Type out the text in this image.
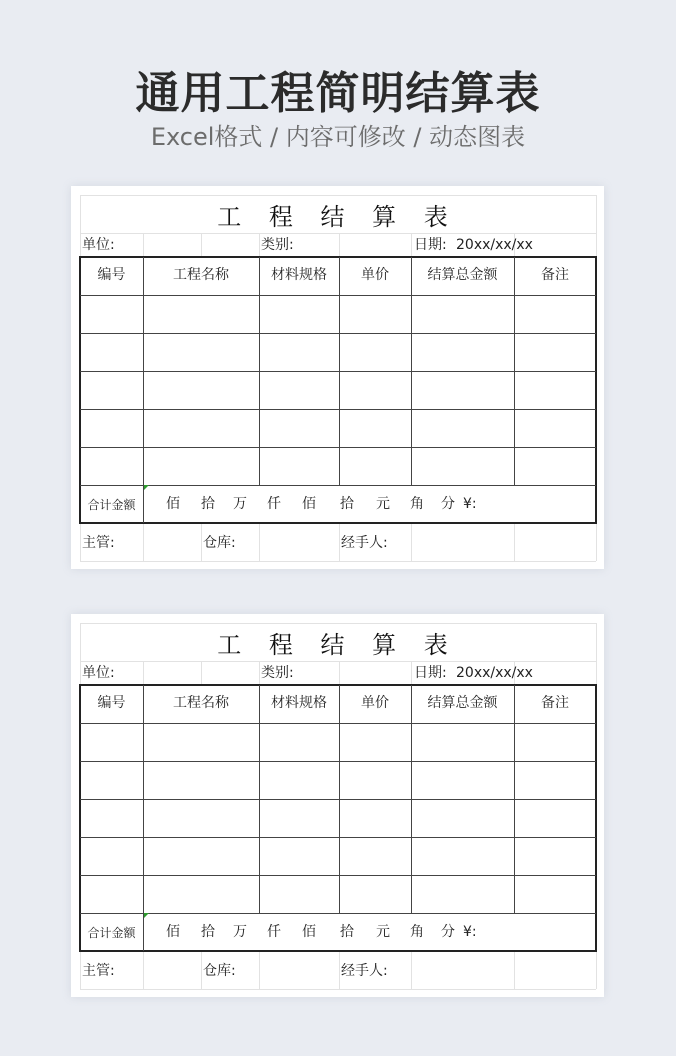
通用工程简明结算表
Excel格式 / 内容可修改 / 动态图表
工 程 结 算 表
单位:	类别:	日期: 20xx/xx/xx
编号	工程名称	材料规格	单价	结算总金额	备注
合计金额	佰 拾 万 仟 佰 拾 元 角 分 ¥:
主管:	仓库:	经手人:
工 程 结 算 表
单位:	类别:	日期: 20xx/xx/xx
编号	工程名称	材料规格	单价	结算总金额	备注
合计金额	佰 拾 万 仟 佰 拾 元 角 分 ¥:
主管:	仓库:	经手人:
